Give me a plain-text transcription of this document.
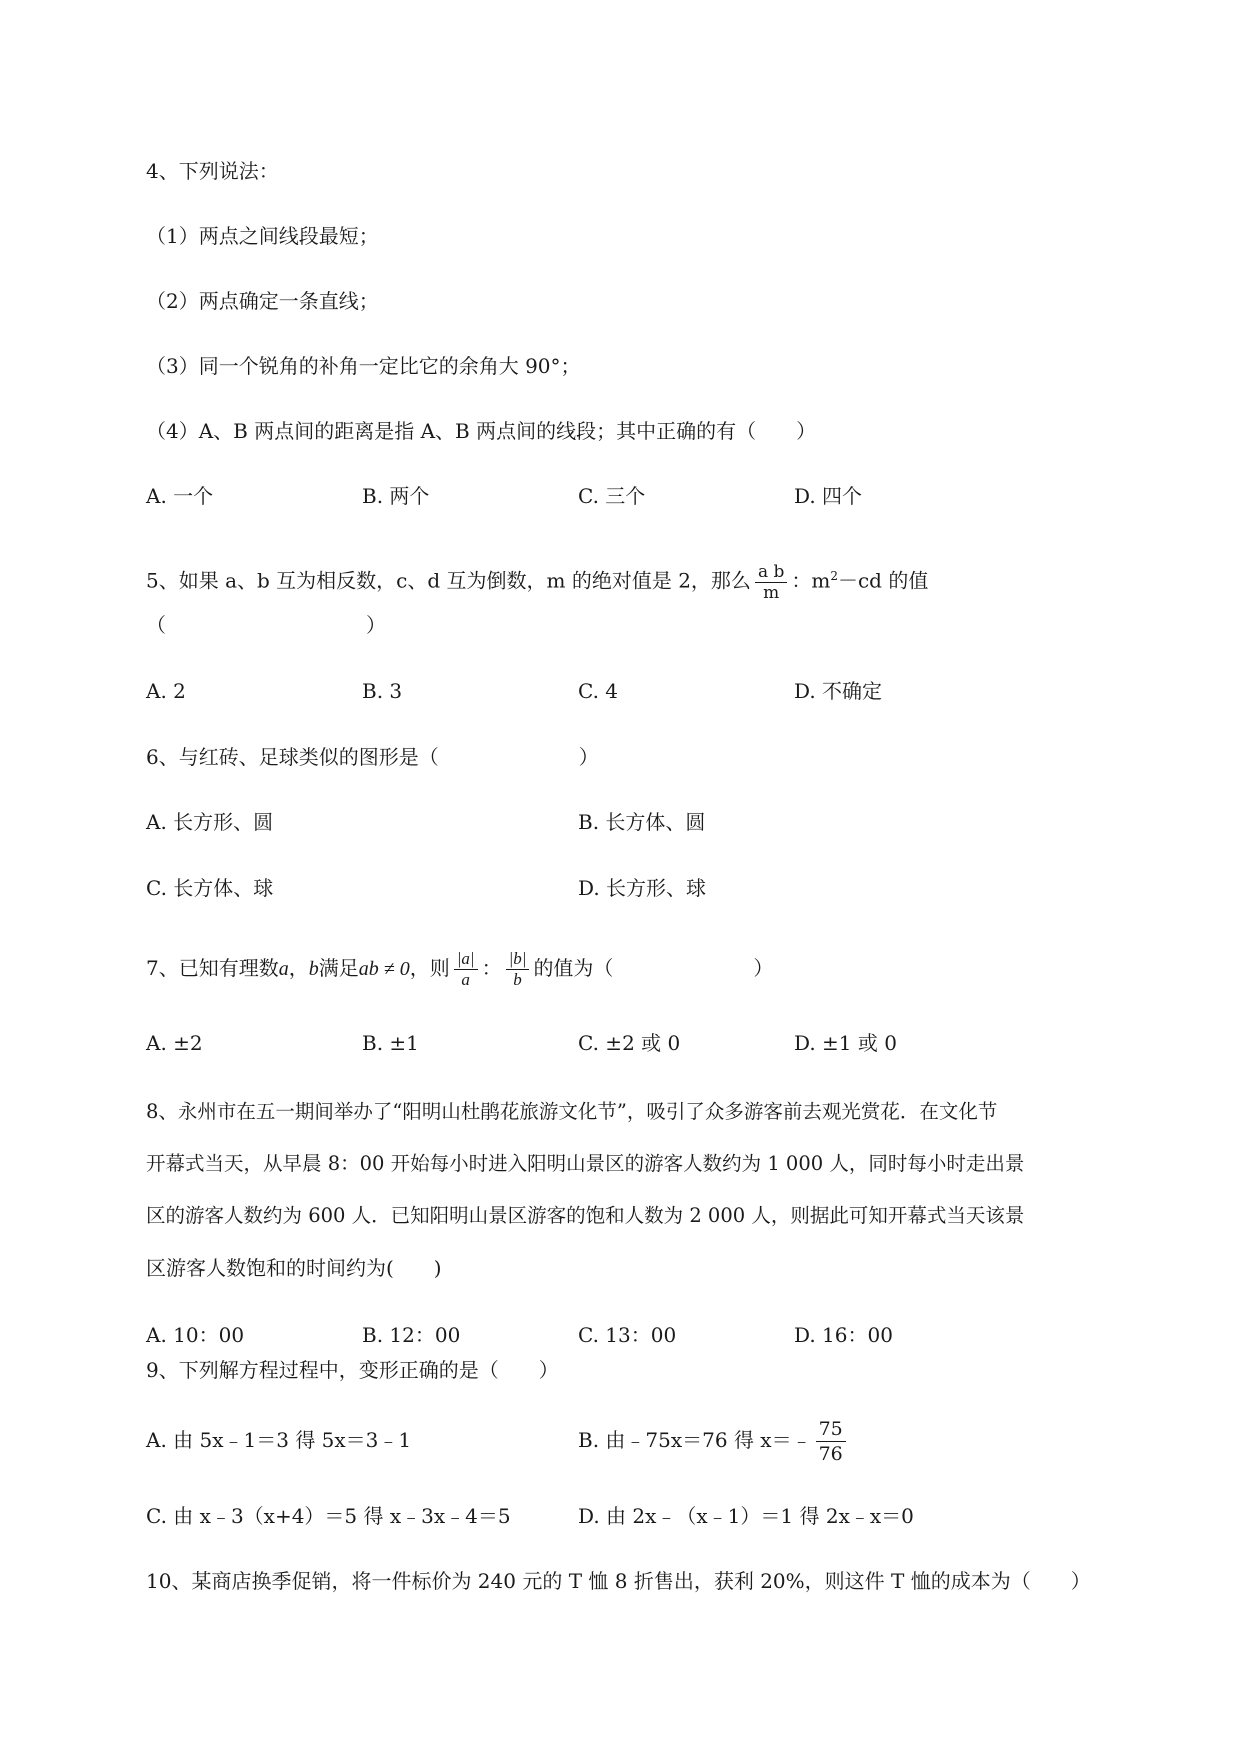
4、下列说法：
（1）两点之间线段最短；
（2）两点确定一条直线；
（3）同一个锐角的补角一定比它的余角大 90°；
（4）A、B 两点间的距离是指 A、B 两点间的线段；其中正确的有（　　）
A. 一个	B. 两个	C. 三个	D. 四个
5、如果 a、b 互为相反数，c、d 互为倒数，m 的绝对值是 2，那么 $\frac{\text{a b}}{m}$ ：$m^2-cd$ 的值
（　　　　　　　　　　）
A. 2	B. 3	C. 4	D. 不确定
6、与红砖、足球类似的图形是（　　　　　　　）
A. 长方形、圆	B. 长方体、圆
C. 长方体、球	D. 长方形、球
7、已知有理数a，b满足ab ≠ 0，则 $\frac{|a|}{a}$ ： $\frac{|b|}{b}$ 的值为（　　　　　　　）
A. ±2	B. ±1	C. ±2 或 0	D. ±1 或 0
8、永州市在五一期间举办了“阳明山杜鹃花旅游文化节”，吸引了众多游客前去观光赏花．在文化节
开幕式当天，从早晨 8：00 开始每小时进入阳明山景区的游客人数约为 1 000 人，同时每小时走出景
区的游客人数约为 600 人．已知阳明山景区游客的饱和人数为 2 000 人，则据此可知开幕式当天该景
区游客人数饱和的时间约为(　　)
A. 10：00	B. 12：00	C. 13：00	D. 16：00
9、下列解方程过程中，变形正确的是（　　）
A. 由 5x﹣1＝3 得 5x＝3﹣1	B. 由﹣75x＝76 得 x＝﹣ $\frac{75}{76}$
C. 由 x﹣3（x+4）＝5 得 x﹣3x﹣4＝5	D. 由 2x﹣（x﹣1）＝1 得 2x﹣x＝0
10、某商店换季促销，将一件标价为 240 元的 T 恤 8 折售出，获利 20%，则这件 T 恤的成本为（　　）
